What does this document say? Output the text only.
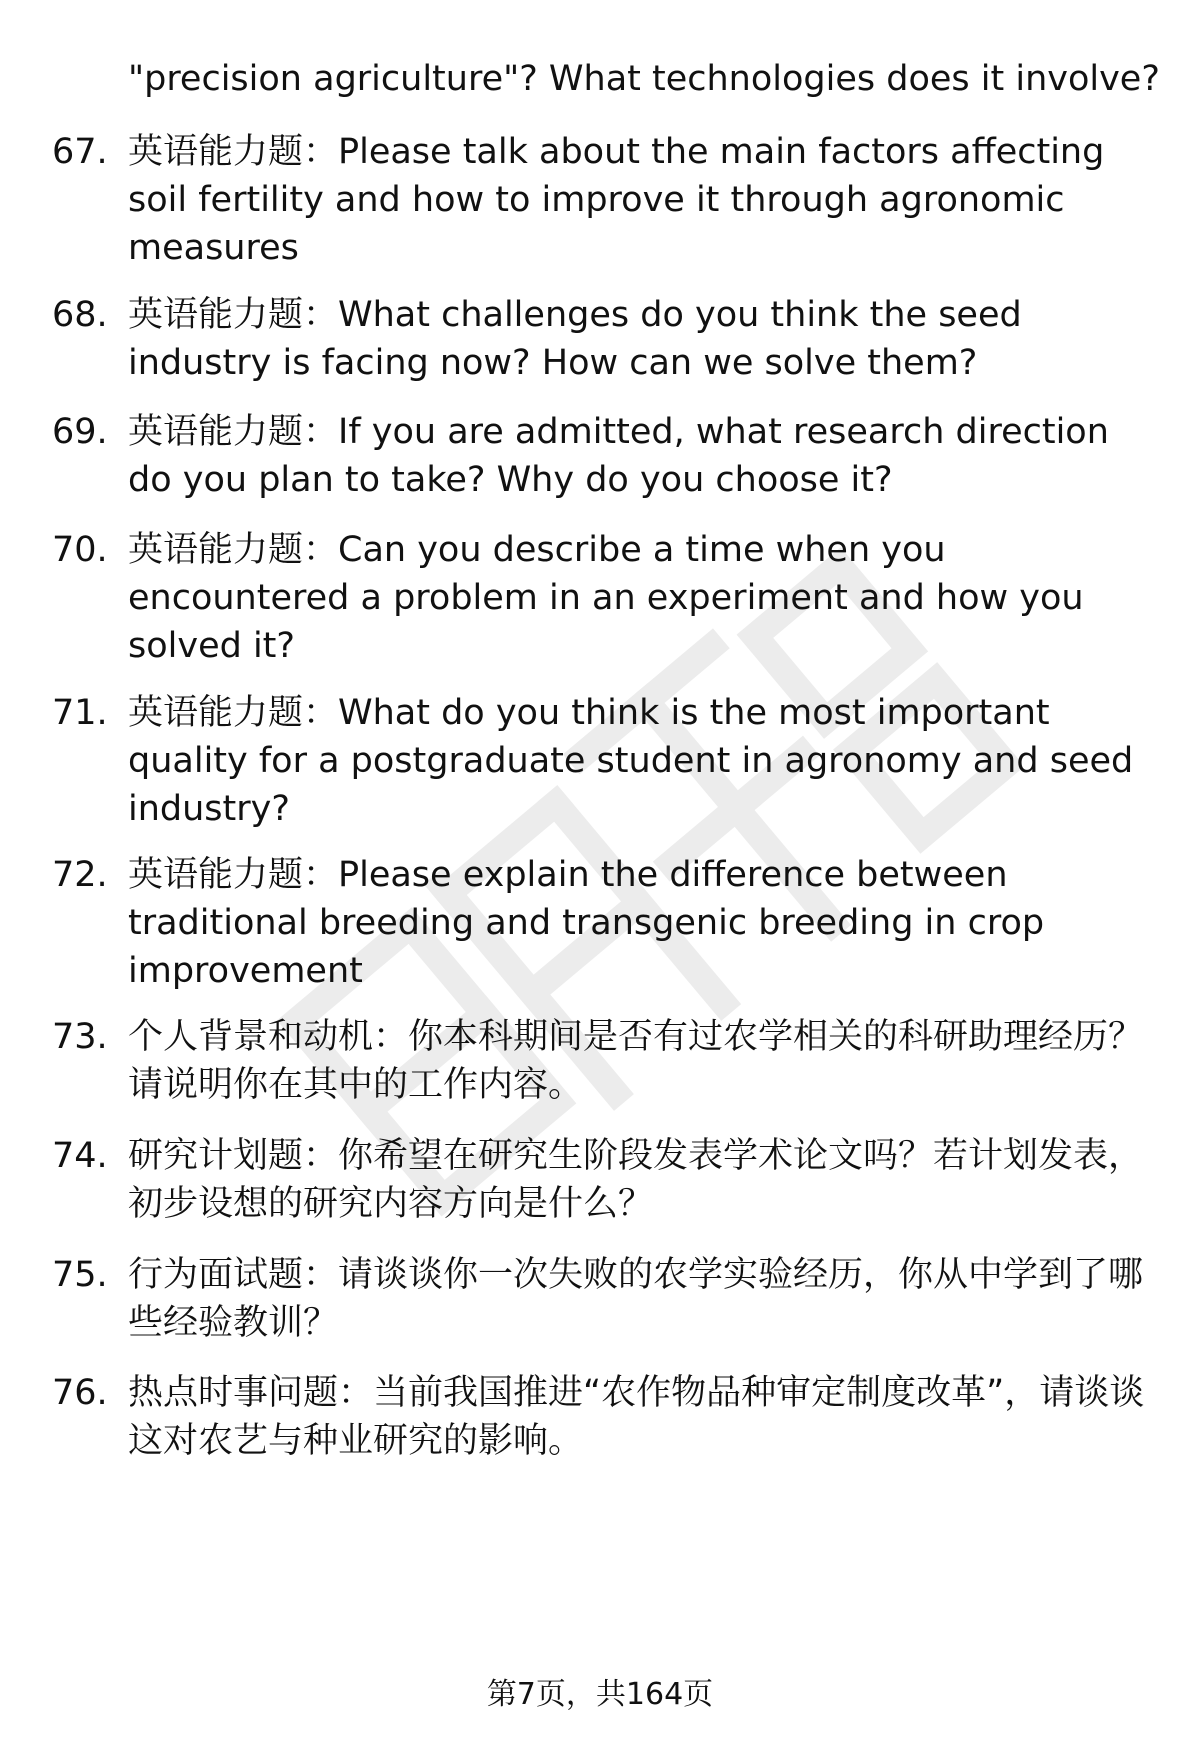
"precision agriculture"? What technologies does it involve?

67. 英语能力题：Please talk about the main factors affecting soil fertility and how to improve it through agronomic measures
68. 英语能力题：What challenges do you think the seed industry is facing now? How can we solve them?
69. 英语能力题：If you are admitted, what research direction do you plan to take? Why do you choose it?
70. 英语能力题：Can you describe a time when you encountered a problem in an experiment and how you solved it?
71. 英语能力题：What do you think is the most important quality for a postgraduate student in agronomy and seed industry?
72. 英语能力题：Please explain the difference between traditional breeding and transgenic breeding in crop improvement
73. 个人背景和动机：你本科期间是否有过农学相关的科研助理经历？请说明你在其中的工作内容。
74. 研究计划题：你希望在研究生阶段发表学术论文吗？若计划发表，初步设想的研究内容方向是什么？
75. 行为面试题：请谈谈你一次失败的农学实验经历，你从中学到了哪些经验教训？
76. 热点时事问题：当前我国推进“农作物品种审定制度改革”，请谈谈这对农艺与种业研究的影响。
第7页，共164页
